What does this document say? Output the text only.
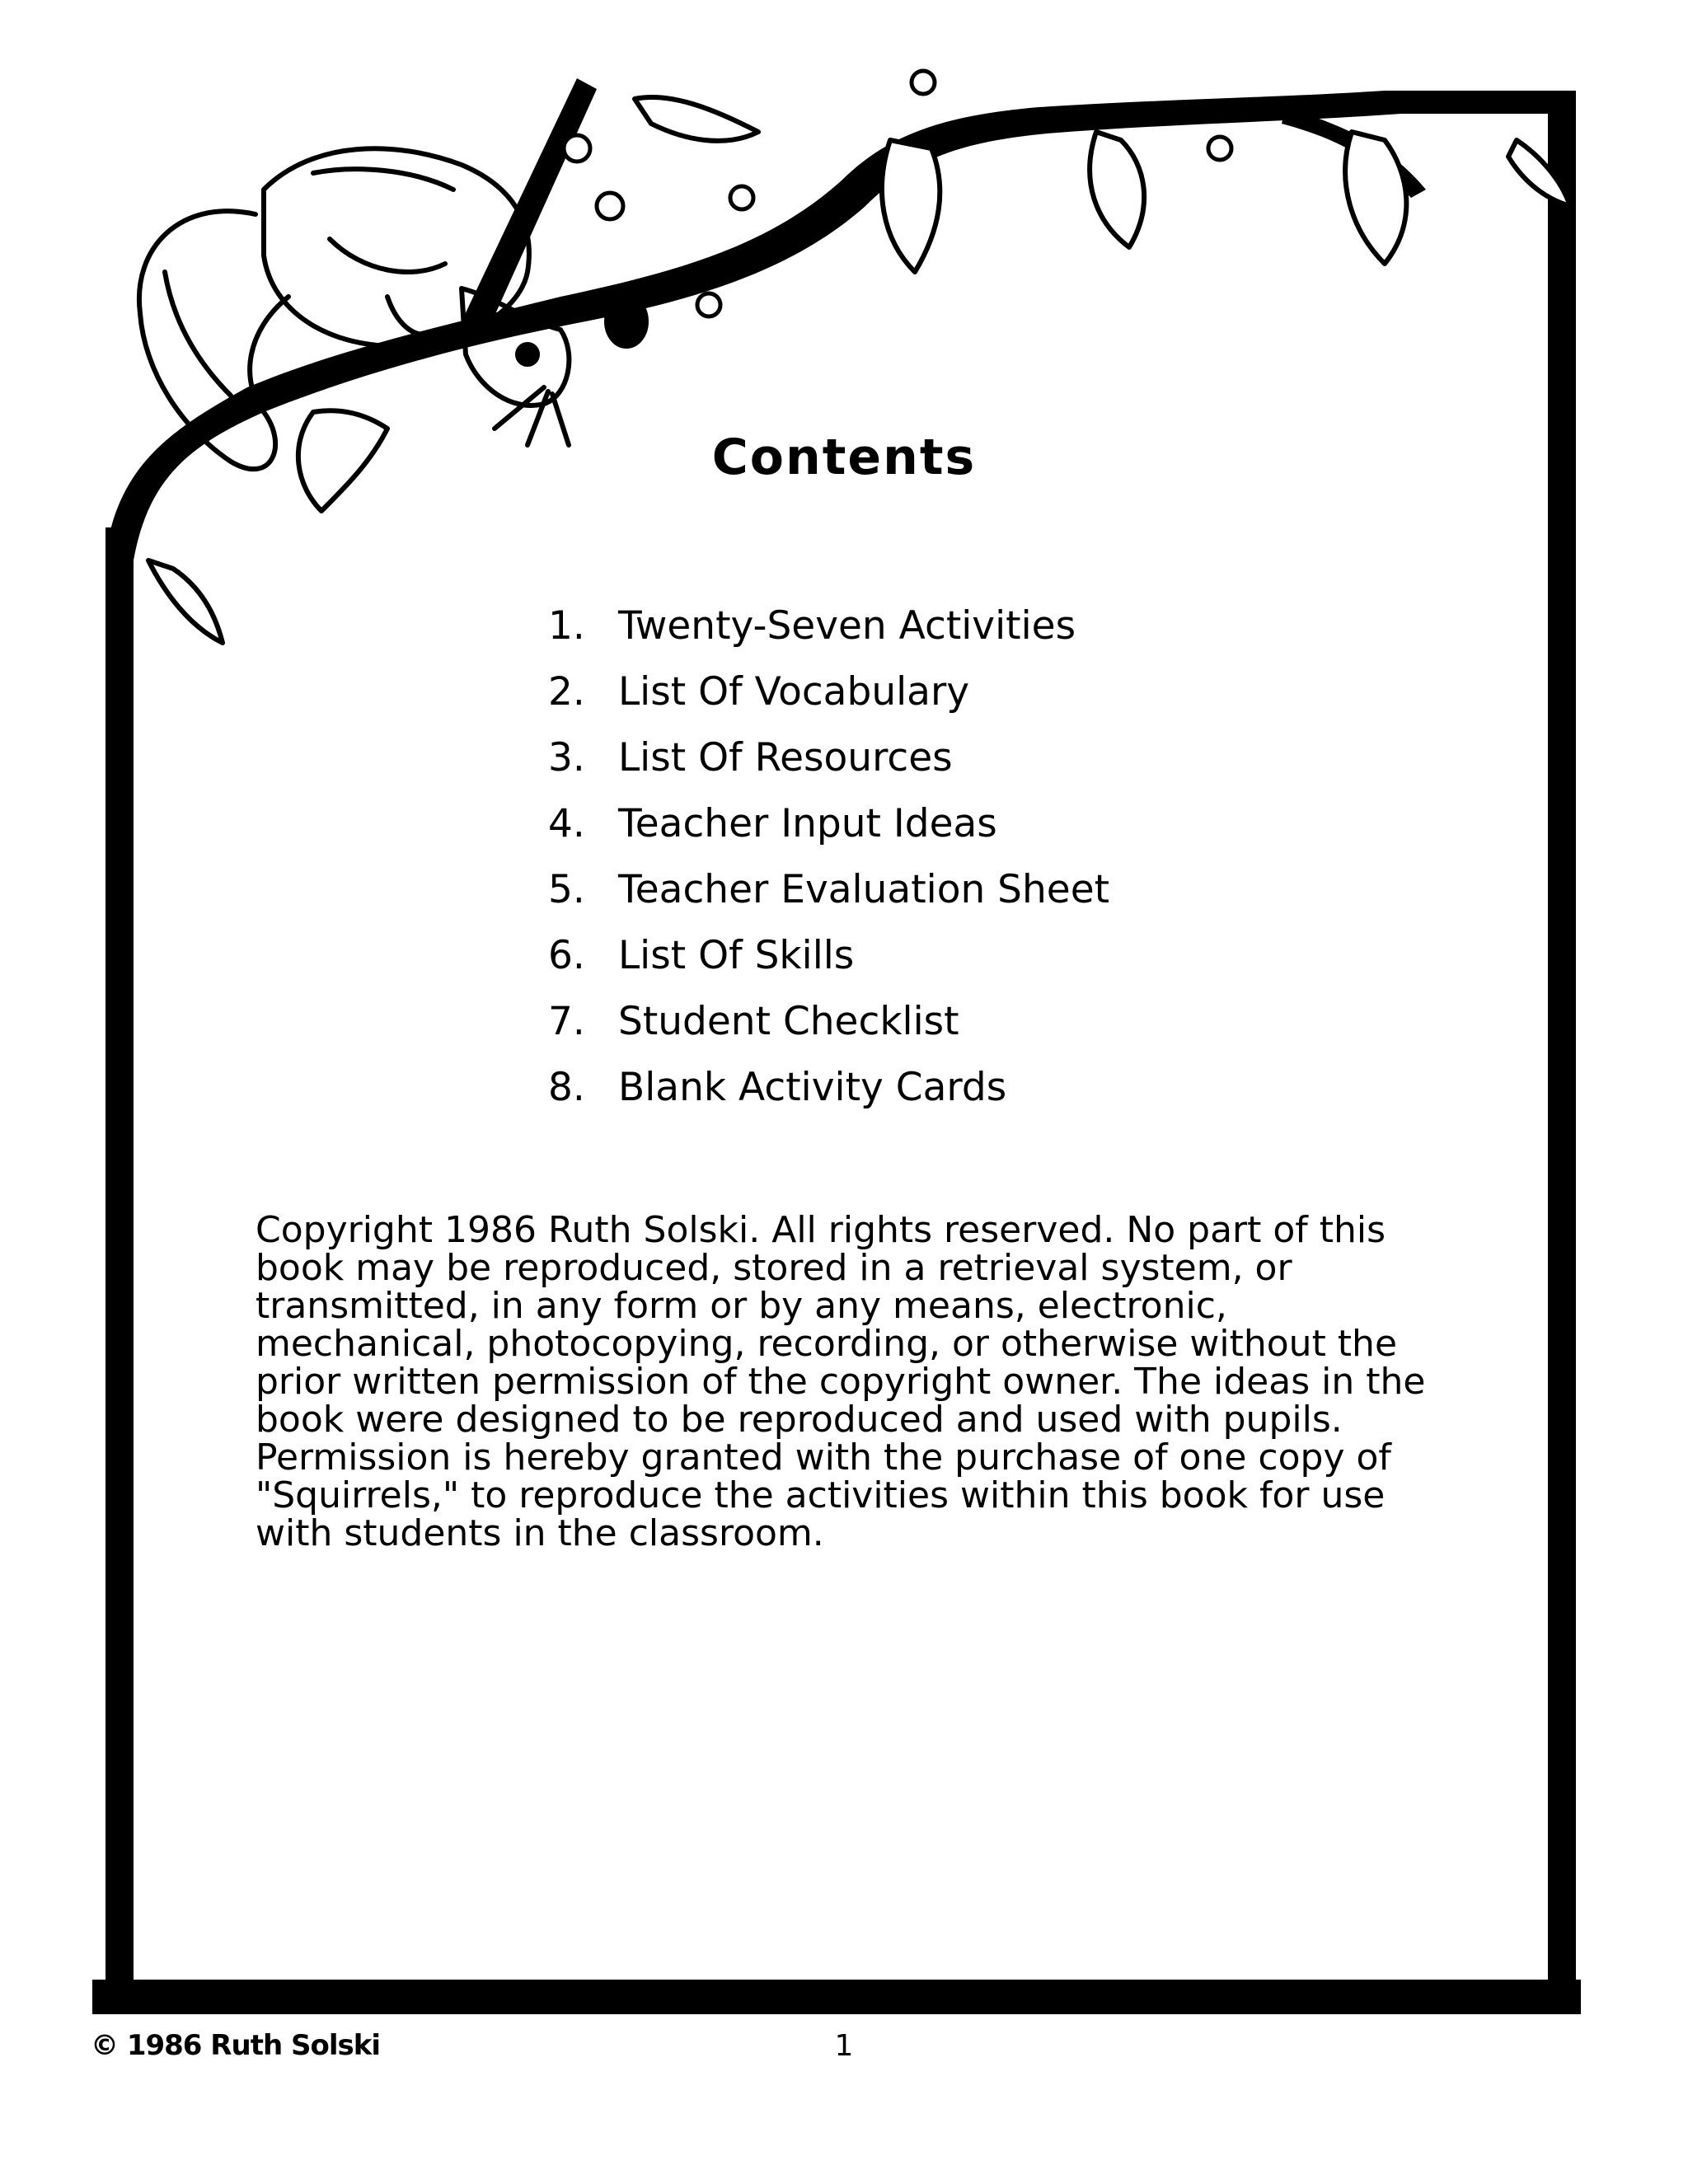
Contents
1. Twenty-Seven Activities
2. List Of Vocabulary
3. List Of Resources
4. Teacher Input Ideas
5. Teacher Evaluation Sheet
6. List Of Skills
7. Student Checklist
8. Blank Activity Cards

Copyright 1986 Ruth Solski. All rights reserved. No part of this book may be reproduced, stored in a retrieval system, or transmitted, in any form or by any means, electronic, mechanical, photocopying, recording, or otherwise without the prior written permission of the copyright owner. The ideas in the book were designed to be reproduced and used with pupils. Permission is hereby granted with the purchase of one copy of "Squirrels," to reproduce the activities within this book for use with students in the classroom.

© 1986 Ruth Solski	1
